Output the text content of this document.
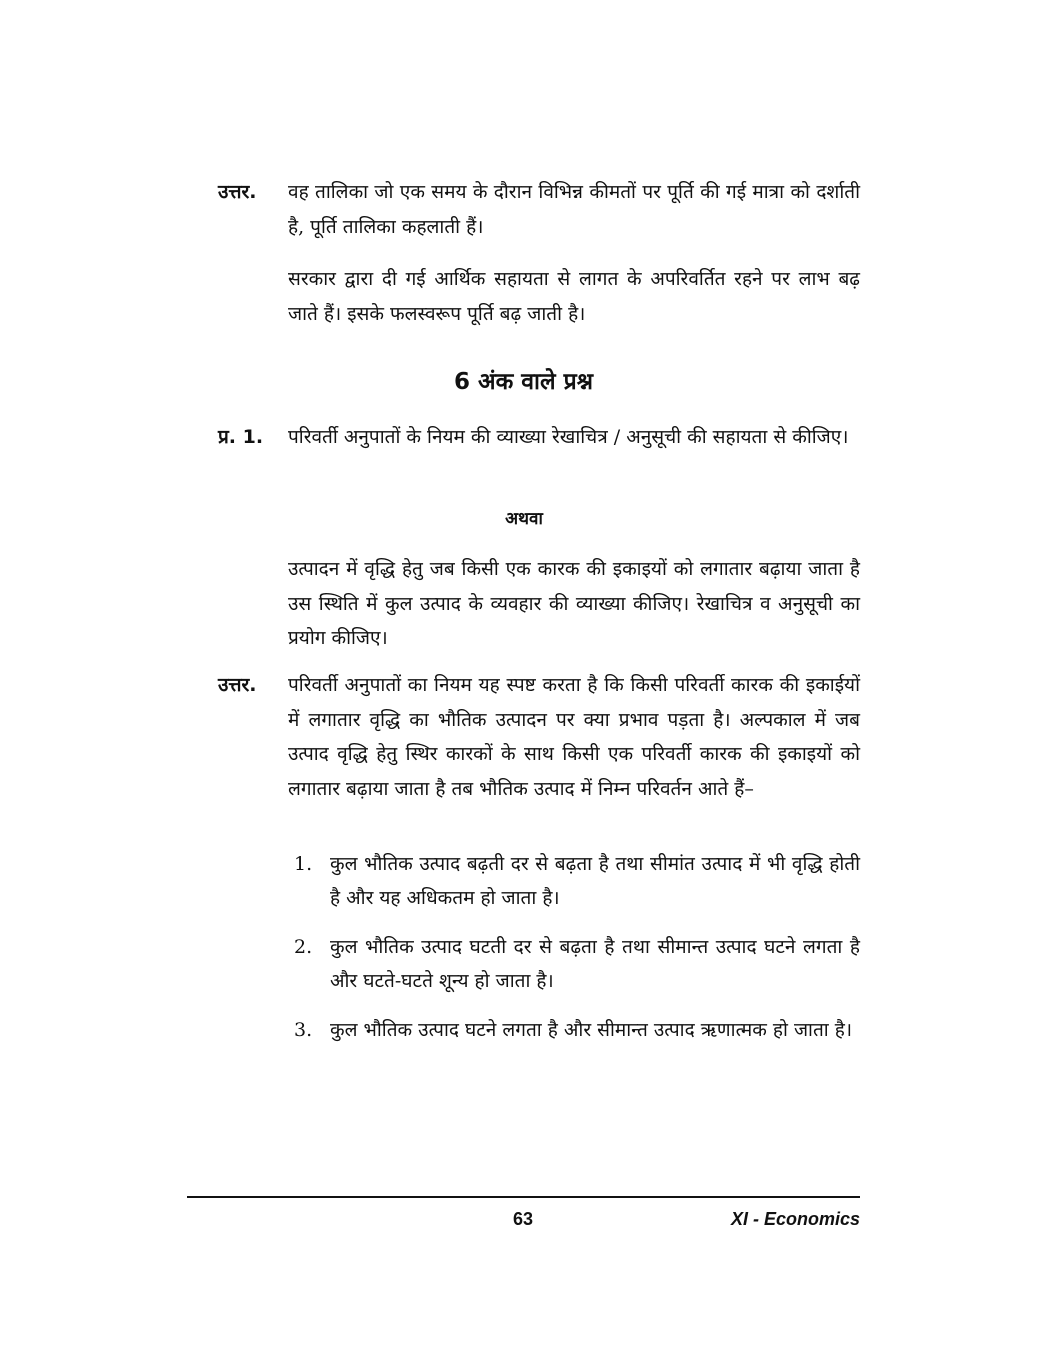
उत्तर. वह तालिका जो एक समय के दौरान विभिन्न कीमतों पर पूर्ति की गई मात्रा को दर्शाती है, पूर्ति तालिका कहलाती हैं।
सरकार द्वारा दी गई आर्थिक सहायता से लागत के अपरिवर्तित रहने पर लाभ बढ़ जाते हैं। इसके फलस्वरूप पूर्ति बढ़ जाती है।
6 अंक वाले प्रश्न
प्र. 1. परिवर्ती अनुपातों के नियम की व्याख्या रेखाचित्र / अनुसूची की सहायता से कीजिए।
अथवा
उत्पादन में वृद्धि हेतु जब किसी एक कारक की इकाइयों को लगातार बढ़ाया जाता है उस स्थिति में कुल उत्पाद के व्यवहार की व्याख्या कीजिए। रेखाचित्र व अनुसूची का प्रयोग कीजिए।
उत्तर. परिवर्ती अनुपातों का नियम यह स्पष्ट करता है कि किसी परिवर्ती कारक की इकाईयों में लगातार वृद्धि का भौतिक उत्पादन पर क्या प्रभाव पड़ता है। अल्पकाल में जब उत्पाद वृद्धि हेतु स्थिर कारकों के साथ किसी एक परिवर्ती कारक की इकाइयों को लगातार बढ़ाया जाता है तब भौतिक उत्पाद में निम्न परिवर्तन आते हैं–
1. कुल भौतिक उत्पाद बढ़ती दर से बढ़ता है तथा सीमांत उत्पाद में भी वृद्धि होती है और यह अधिकतम हो जाता है।
2. कुल भौतिक उत्पाद घटती दर से बढ़ता है तथा सीमान्त उत्पाद घटने लगता है और घटते-घटते शून्य हो जाता है।
3. कुल भौतिक उत्पाद घटने लगता है और सीमान्त उत्पाद ऋणात्मक हो जाता है।
63	XI - Economics
